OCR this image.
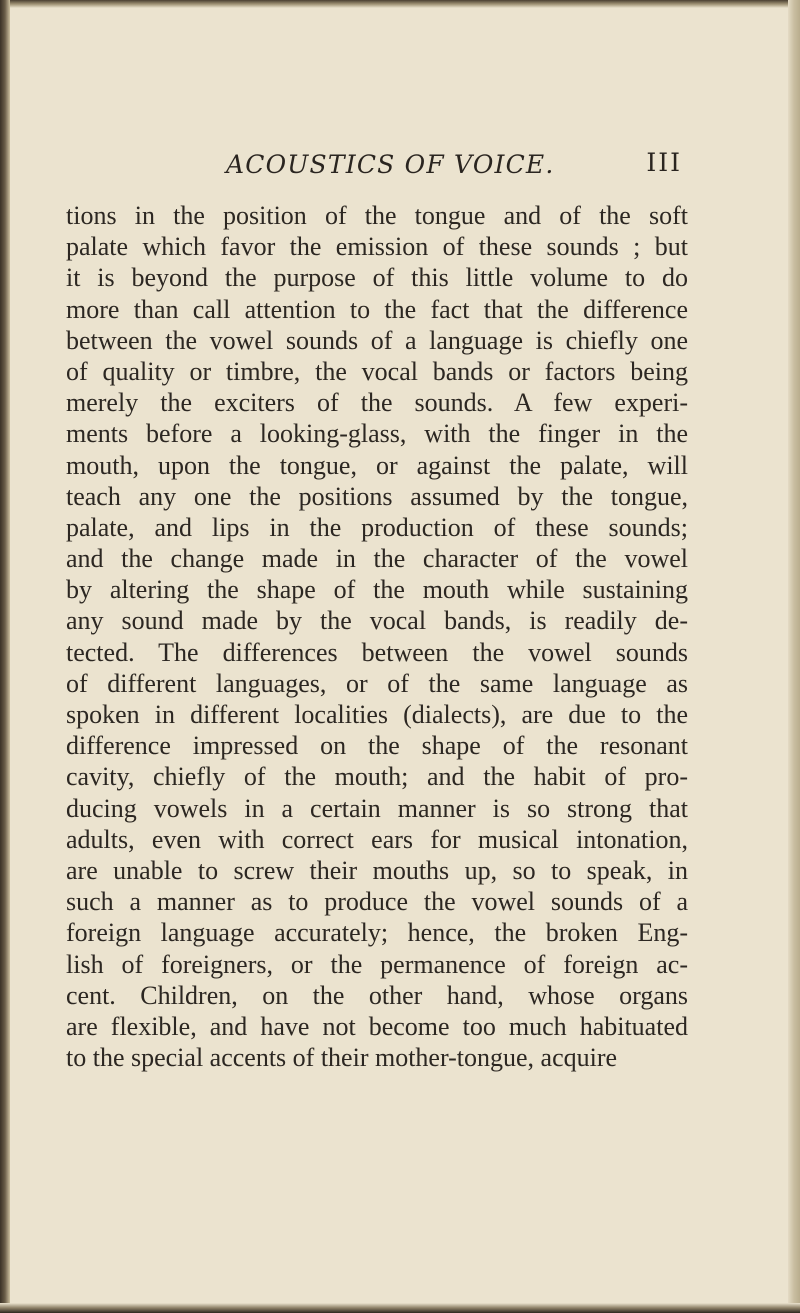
ACOUSTICS OF VOICE.	III
tions in the position of the tongue and of the soft
palate which favor the emission of these sounds ; but
it is beyond the purpose of this little volume to do
more than call attention to the fact that the difference
between the vowel sounds of a language is chiefly one
of quality or timbre, the vocal bands or factors being
merely the exciters of the sounds. A few experi-
ments before a looking-glass, with the finger in the
mouth, upon the tongue, or against the palate, will
teach any one the positions assumed by the tongue,
palate, and lips in the production of these sounds;
and the change made in the character of the vowel
by altering the shape of the mouth while sustaining
any sound made by the vocal bands, is readily de-
tected. The differences between the vowel sounds
of different languages, or of the same language as
spoken in different localities (dialects), are due to the
difference impressed on the shape of the resonant
cavity, chiefly of the mouth; and the habit of pro-
ducing vowels in a certain manner is so strong that
adults, even with correct ears for musical intonation,
are unable to screw their mouths up, so to speak, in
such a manner as to produce the vowel sounds of a
foreign language accurately; hence, the broken Eng-
lish of foreigners, or the permanence of foreign ac-
cent. Children, on the other hand, whose organs
are flexible, and have not become too much habituated
to the special accents of their mother-tongue, acquire
